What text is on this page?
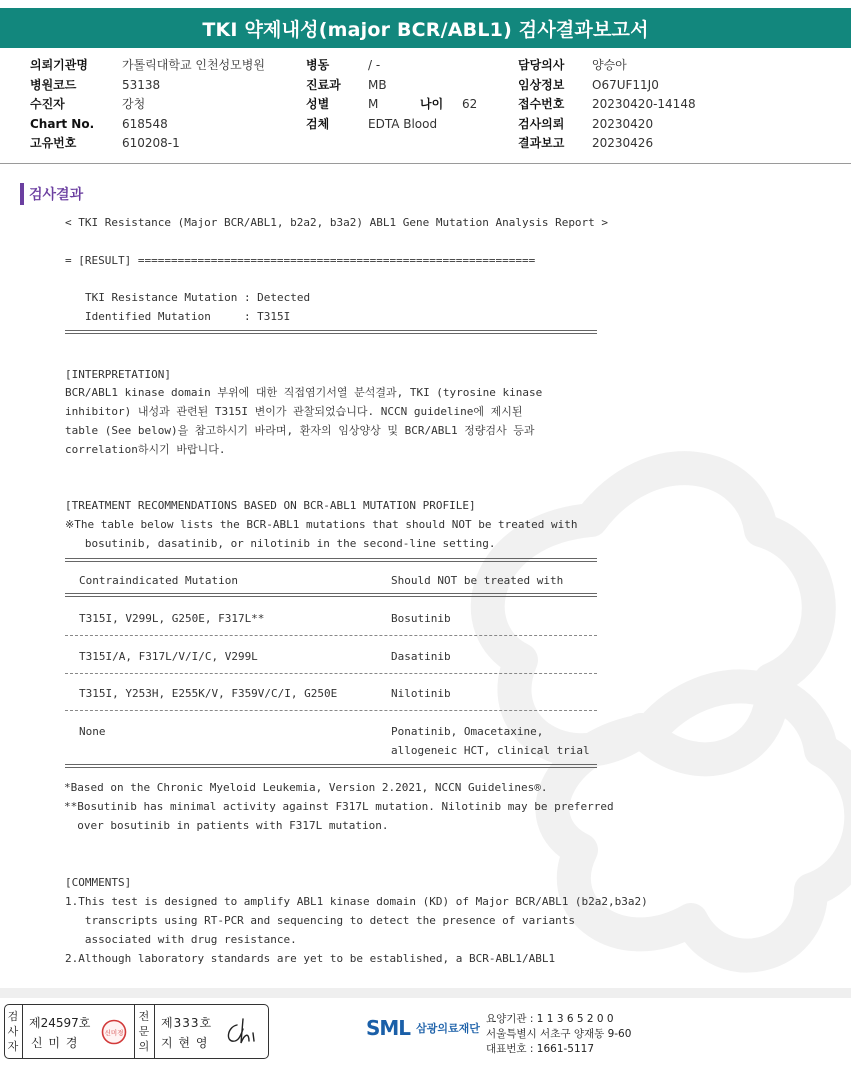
TKI 약제내성(major BCR/ABL1) 검사결과보고서
의뢰기관명	가톨릭대학교 인천성모병원
병원코드	53138
수진자	강청
Chart No.	618548
고유번호	610208-1
병동	/ -
진료과	MB
성별	M	나이	62
검체	EDTA Blood
담당의사	양승아
임상정보	O67UF11J0
접수번호	20230420-14148
검사의뢰	20230420
결과보고	20230426
검사결과
< TKI Resistance (Major BCR/ABL1, b2a2, b3a2) ABL1 Gene Mutation Analysis Report >
= [RESULT] ============================================================
TKI Resistance Mutation : Detected
Identified Mutation     : T315I
[INTERPRETATION]
BCR/ABL1 kinase domain 부위에 대한 직접염기서열 분석결과, TKI (tyrosine kinase
inhibitor) 내성과 관련된 T315I 변이가 관찰되었습니다. NCCN guideline에 제시된
table (See below)을 참고하시기 바라며, 환자의 임상양상 및 BCR/ABL1 정량검사 등과
correlation하시기 바랍니다.
[TREATMENT RECOMMENDATIONS BASED ON BCR-ABL1 MUTATION PROFILE]
※The table below lists the BCR-ABL1 mutations that should NOT be treated with
bosutinib, dasatinib, or nilotinib in the second-line setting.
Contraindicated Mutation	Should NOT be treated with
T315I, V299L, G250E, F317L**	Bosutinib
T315I/A, F317L/V/I/C, V299L	Dasatinib
T315I, Y253H, E255K/V, F359V/C/I, G250E	Nilotinib
None	Ponatinib, Omacetaxine,
allogeneic HCT, clinical trial
*Based on the Chronic Myeloid Leukemia, Version 2.2021, NCCN Guidelines®.
**Bosutinib has minimal activity against F317L mutation. Nilotinib may be preferred
over bosutinib in patients with F317L mutation.
[COMMENTS]
1.This test is designed to amplify ABL1 kinase domain (KD) of Major BCR/ABL1 (b2a2,b3a2)
transcripts using RT-PCR and sequencing to detect the presence of variants
associated with drug resistance.
2.Although laboratory standards are yet to be established, a BCR-ABL1/ABL1
검사자
제24597호
신 미 경
신미경
전문의
제333호
지 현 영
SML 삼광의료재단
요양기관 : 1 1 3 6 5 2 0 0
서울특별시 서초구 양재동 9-60
대표번호 : 1661-5117
